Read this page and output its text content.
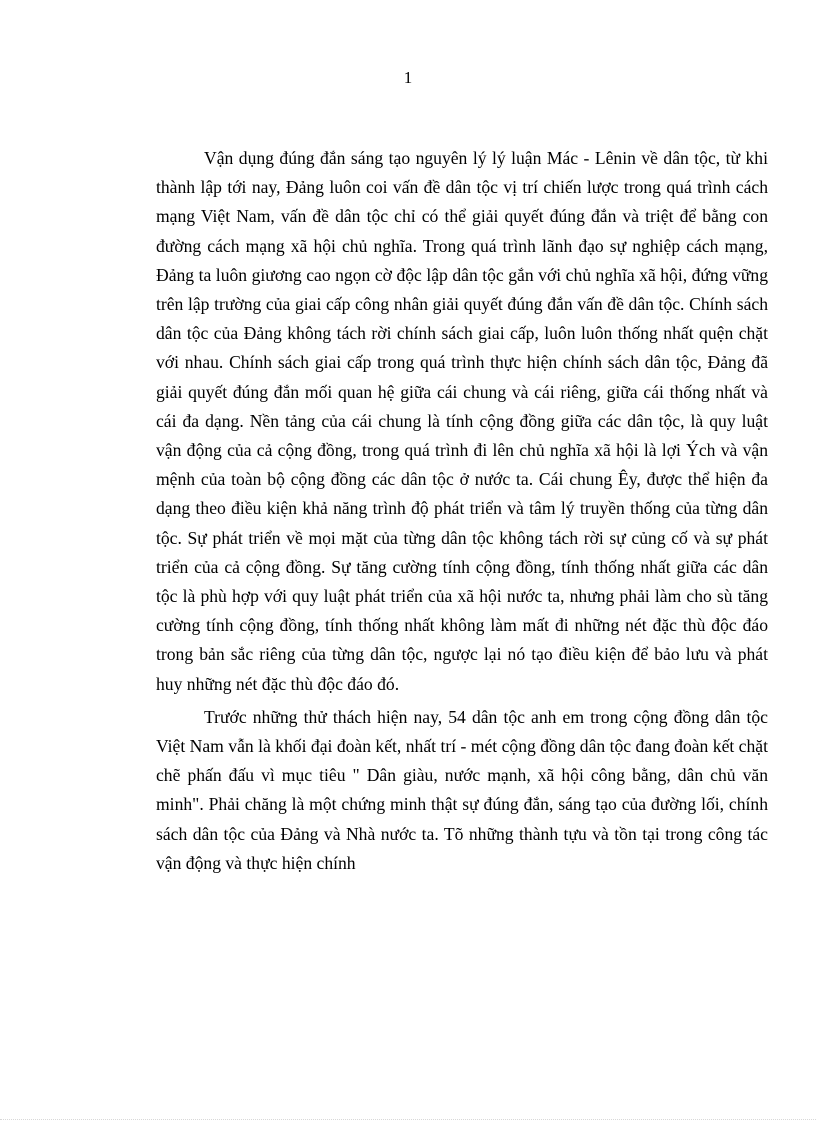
1

Vận dụng đúng đắn sáng tạo nguyên lý lý luận Mác - Lênin về dân tộc, từ khi thành lập tới nay, Đảng luôn coi vấn đề dân tộc vị trí chiến lược trong quá trình cách mạng Việt Nam, vấn đề dân tộc chỉ có thể giải quyết đúng đắn và triệt để bằng con đường cách mạng xã hội chủ nghĩa. Trong quá trình lãnh đạo sự nghiệp cách mạng, Đảng ta luôn giương cao ngọn cờ độc lập dân tộc gắn với chủ nghĩa xã hội, đứng vững trên lập trường của giai cấp công nhân giải quyết đúng đắn vấn đề dân tộc. Chính sách dân tộc của Đảng không tách rời chính sách giai cấp, luôn luôn thống nhất quện chặt với nhau. Chính sách giai cấp trong quá trình thực hiện chính sách dân tộc, Đảng đã giải quyết đúng đắn mối quan hệ giữa cái chung và cái riêng, giữa cái thống nhất và cái đa dạng. Nền tảng của cái chung là tính cộng đồng giữa các dân tộc, là quy luật vận động của cả cộng đồng, trong quá trình đi lên chủ nghĩa xã hội là lợi Ých và vận mệnh của toàn bộ cộng đồng các dân tộc ở nước ta. Cái chung Êy, được thể hiện đa dạng theo điều kiện khả năng trình độ phát triển và tâm lý truyền thống của từng dân tộc. Sự phát triển về mọi mặt của từng dân tộc không tách rời sự củng cố và sự phát triển của cả cộng đồng. Sự tăng cường tính cộng đồng, tính thống nhất giữa các dân tộc là phù hợp với quy luật phát triển của xã hội nước ta, nhưng phải làm cho sù tăng cường tính cộng đồng, tính thống nhất không làm mất đi những nét đặc thù độc đáo trong bản sắc riêng của từng dân tộc, ngược lại nó tạo điều kiện để bảo lưu và phát huy những nét đặc thù độc đáo đó.

Trước những thử thách hiện nay, 54 dân tộc anh em trong cộng đồng dân tộc Việt Nam vẫn là khối đại đoàn kết, nhất trí - mét cộng đồng dân tộc đang đoàn kết chặt chẽ phấn đấu vì mục tiêu " Dân giàu, nước mạnh, xã hội công bằng, dân chủ văn minh". Phải chăng là một chứng minh thật sự đúng đắn, sáng tạo của đường lối, chính sách dân tộc của Đảng và Nhà nước ta. Tõ những thành tựu và tồn tại trong công tác vận động và thực hiện chính
